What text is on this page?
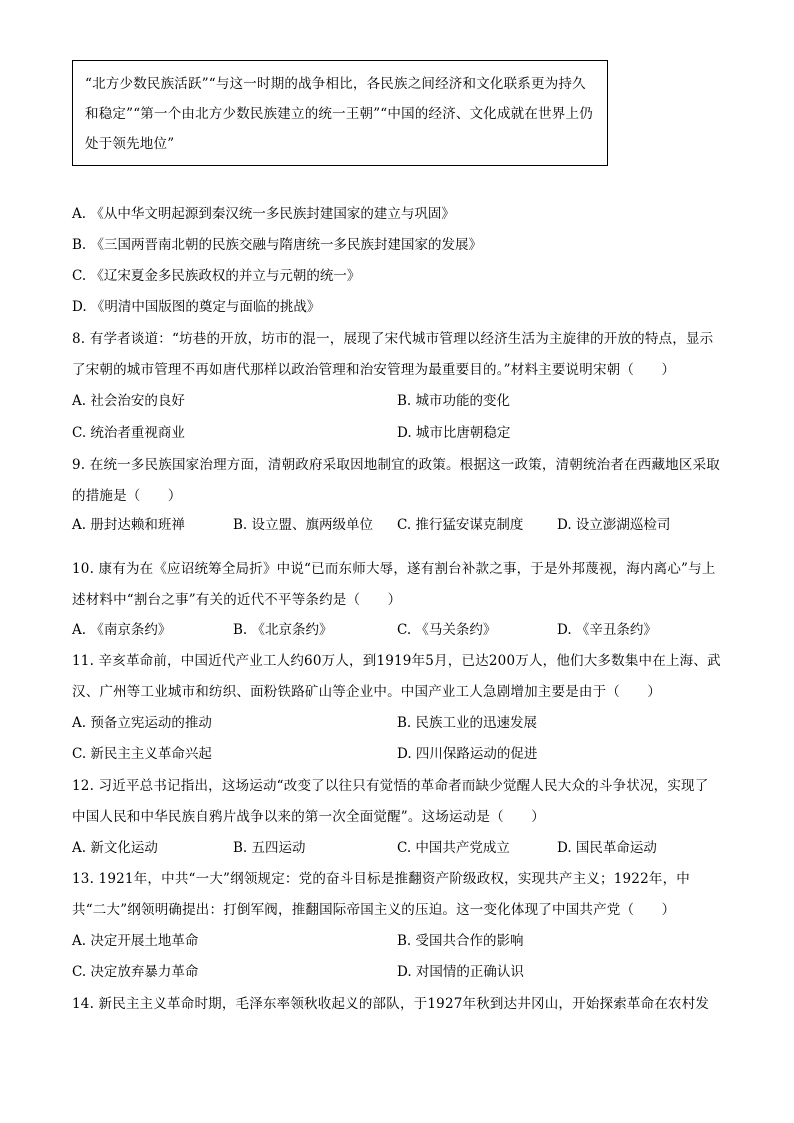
“北方少数民族活跃”“与这一时期的战争相比，各民族之间经济和文化联系更为持久和稳定”“第一个由北方少数民族建立的统一王朝”“中国的经济、文化成就在世界上仍处于领先地位”
A. 《从中华文明起源到秦汉统一多民族封建国家的建立与巩固》
B. 《三国两晋南北朝的民族交融与隋唐统一多民族封建国家的发展》
C. 《辽宋夏金多民族政权的并立与元朝的统一》
D. 《明清中国版图的奠定与面临的挑战》
8. 有学者谈道：“坊巷的开放，坊市的混一，展现了宋代城市管理以经济生活为主旋律的开放的特点，显示了宋朝的城市管理不再如唐代那样以政治管理和治安管理为最重要目的。”材料主要说明宋朝（　　）
A. 社会治安的良好	B. 城市功能的变化
C. 统治者重视商业	D. 城市比唐朝稳定
9. 在统一多民族国家治理方面，清朝政府采取因地制宜的政策。根据这一政策，清朝统治者在西藏地区采取的措施是（　　）
A. 册封达赖和班禅	B. 设立盟、旗两级单位 C. 推行猛安谋克制度 D. 设立澎湖巡检司
10. 康有为在《应诏统筹全局折》中说“已而东师大辱，遂有割台补款之事，于是外邦蔑视，海内离心”与上述材料中“割台之事”有关的近代不平等条约是（　　）
A. 《南京条约》	B. 《北京条约》	C. 《马关条约》	D. 《辛丑条约》
11. 辛亥革命前，中国近代产业工人约60万人，到1919年5月，已达200万人，他们大多数集中在上海、武汉、广州等工业城市和纺织、面粉铁路矿山等企业中。中国产业工人急剧增加主要是由于（　　）
A. 预备立宪运动的推动	B. 民族工业的迅速发展
C. 新民主主义革命兴起	D. 四川保路运动的促进
12. 习近平总书记指出，这场运动“改变了以往只有觉悟的革命者而缺少觉醒人民大众的斗争状况，实现了中国人民和中华民族自鸦片战争以来的第一次全面觉醒”。这场运动是（　　）
A. 新文化运动	B. 五四运动	C. 中国共产党成立	D. 国民革命运动
13. 1921年，中共“一大”纲领规定：党的奋斗目标是推翻资产阶级政权，实现共产主义；1922年，中共“二大”纲领明确提出：打倒军阀，推翻国际帝国主义的压迫。这一变化体现了中国共产党（　　）
A. 决定开展土地革命	B. 受国共合作的影响
C. 决定放弃暴力革命	D. 对国情的正确认识
14. 新民主主义革命时期，毛泽东率领秋收起义的部队，于1927年秋到达井冈山，开始探索革命在农村发
